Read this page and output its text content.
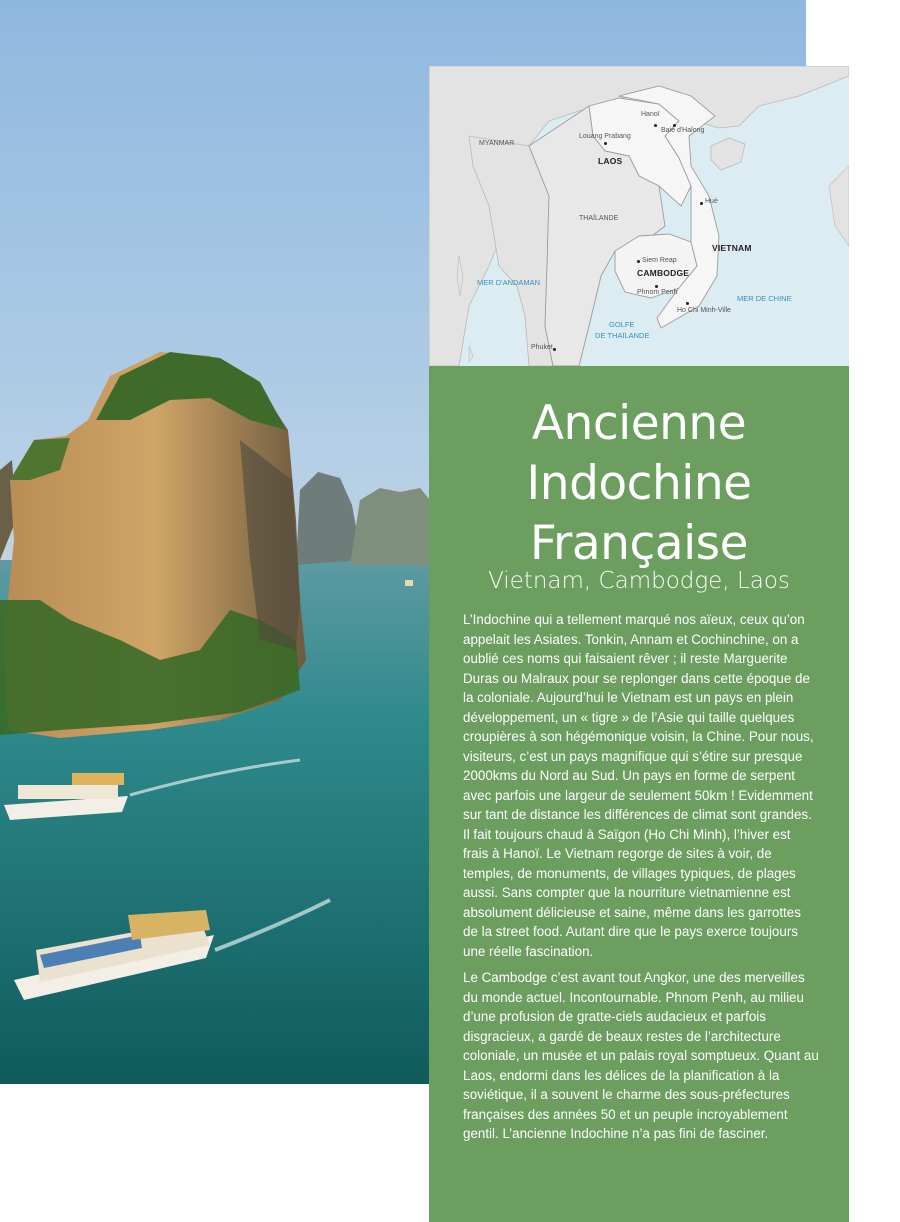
MYANMAR
Hanoï
Baie d'Halong
Louang Prabang
LAOS
THAÏLANDE
Hué
VIETNAM
Siem Reap
CAMBODGE
Phnom Penh
Ho Chi Minh-Ville
MER D'ANDAMAN
MER DE CHINE
GOLFE
DE THAÏLANDE
Phuket
Ancienne
Indochine
Française
Vietnam, Cambodge, Laos

L’Indochine qui a tellement marqué nos aïeux, ceux qu’on appelait les Asiates. Tonkin, Annam et Cochinchine, on a oublié ces noms qui faisaient rêver ; il reste Marguerite Duras ou Malraux pour se replonger dans cette époque de la coloniale. Aujourd’hui le Vietnam est un pays en plein développement, un « tigre » de l’Asie qui taille quelques croupières à son hégémonique voisin, la Chine. Pour nous, visiteurs, c’est un pays magnifique qui s’étire sur presque 2000kms du Nord au Sud. Un pays en forme de serpent avec parfois une largeur de seulement 50km ! Evidemment sur tant de distance les différences de climat sont grandes. Il fait toujours chaud à Saïgon (Ho Chi Minh), l’hiver est frais à Hanoï. Le Vietnam regorge de sites à voir, de temples, de monuments, de villages typiques, de plages aussi. Sans compter que la nourriture vietnamienne est absolument délicieuse et saine, même dans les garrottes de la street food. Autant dire que le pays exerce toujours une réelle fascination.

Le Cambodge c’est avant tout Angkor, une des merveilles du monde actuel. Incontournable. Phnom Penh, au milieu d’une profusion de gratte-ciels audacieux et parfois disgracieux, a gardé de beaux restes de l’architecture coloniale, un musée et un palais royal somptueux. Quant au Laos, endormi dans les délices de la planification à la soviétique, il a souvent le charme des sous-préfectures françaises des années 50 et un peuple incroyablement gentil. L’ancienne Indochine n’a pas fini de fasciner.
